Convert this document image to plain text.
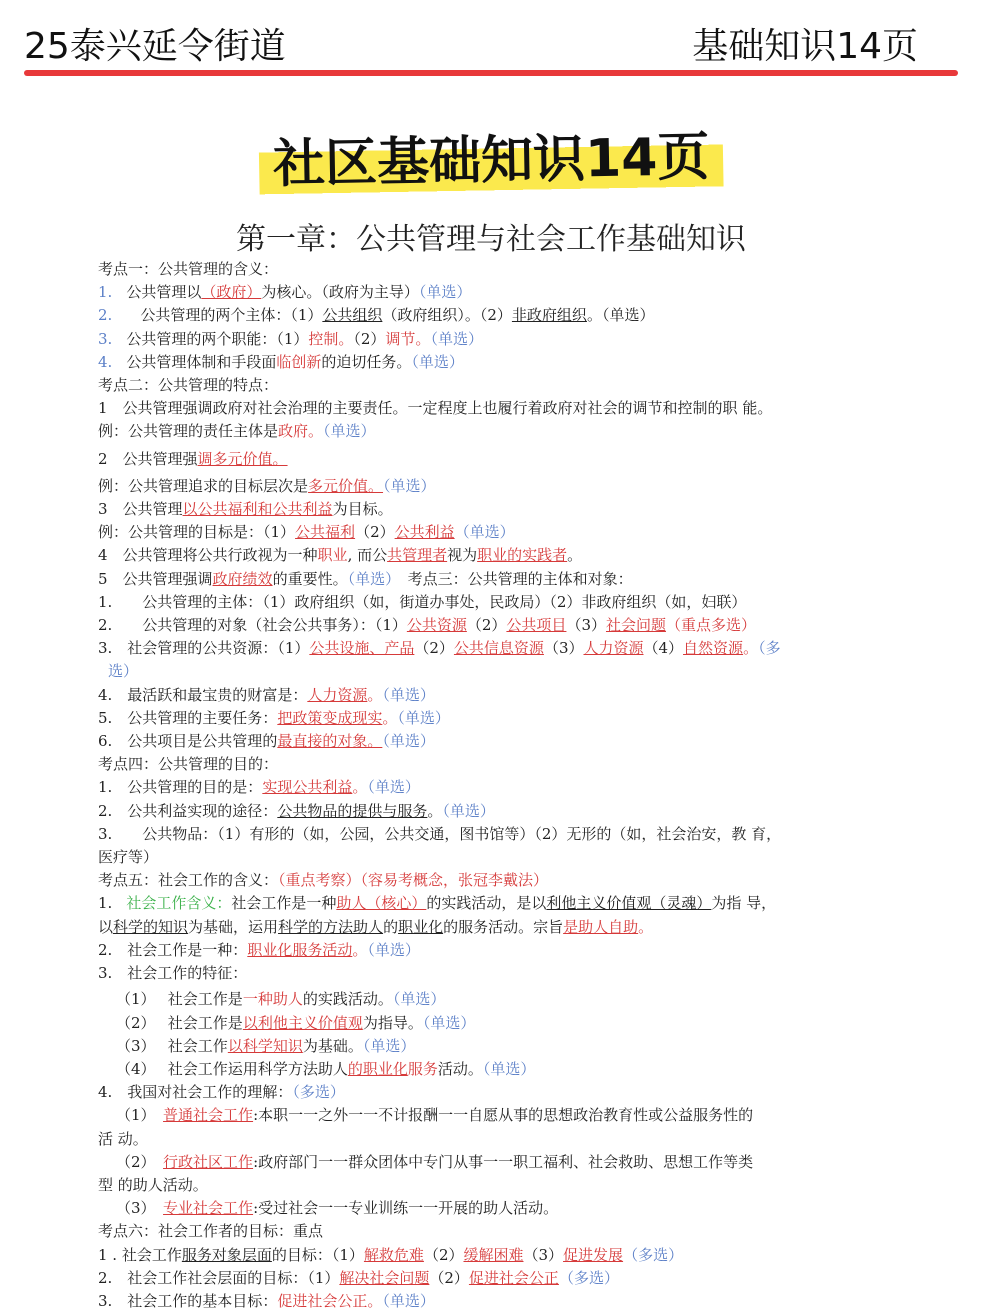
25泰兴延令街道	基础知识14页
社区基础知识14页
第一章：公共管理与社会工作基础知识
考点一：公共管理的含义：
1. 公共管理以（政府）为核心。（政府为主导）（单选）
2. 公共管理的两个主体：（1）公共组织（政府组织）。（2）非政府组织。（单选）
3. 公共管理的两个职能：（1）控制。（2）调节。（单选）
4. 公共管理体制和手段面临创新的迫切任务。（单选）
考点二：公共管理的特点：
1　公共管理强调政府对社会治理的主要责任。一定程度上也履行着政府对社会的调节和控制的职 能。
例：公共管理的责任主体是政府。（单选）
2　公共管理强调多元价值。
例：公共管理追求的目标层次是多元价值。（单选）
3　公共管理以公共福利和公共利益为目标。
例：公共管理的目标是：（1）公共福利（2）公共利益（单选）
4　公共管理将公共行政视为一种职业, 而公共管理者视为职业的实践者。
5　公共管理强调政府绩效的重要性。（单选）　考点三：公共管理的主体和对象：
1.　　公共管理的主体：（1）政府组织（如，街道办事处，民政局）（2）非政府组织（如，妇联）
2.　　公共管理的对象（社会公共事务）：（1）公共资源（2）公共项目（3）社会问题（重点多选）
3.　社会管理的公共资源：（1）公共设施、产品（2）公共信息资源（3）人力资源（4）自然资源。（多
选）
4.　最活跃和最宝贵的财富是：人力资源。（单选）
5.　公共管理的主要任务：把政策变成现实。（单选）
6.　公共项目是公共管理的最直接的对象。（单选）
考点四：公共管理的目的：
1.　公共管理的目的是：实现公共利益。（单选）
2.　公共利益实现的途径：公共物品的提供与服务。（单选）
3.　　公共物品：（1）有形的（如，公园，公共交通，图书馆等）（2）无形的（如，社会治安，教 育，
医疗等）
考点五：社会工作的含义：（重点考察）（容易考概念，张冠李戴法）
1. 社会工作含义：社会工作是一种助人（核心）的实践活动，是以利他主义价值观（灵魂）为指 导，
以科学的知识为基础，运用科学的方法助人的职业化的服务活动。宗旨是助人自助。
2.　社会工作是一种：职业化服务活动。（单选）
3.　社会工作的特征：
（1）　 社会工作是一种助人的实践活动。（单选）
（2）　 社会工作是以利他主义价值观为指导。（单选）
（3）　 社会工作以科学知识为基础。（单选）
（4）　 社会工作运用科学方法助人的职业化服务活动。（单选）
4.　我国对社会工作的理解：（多选）
（1）　普通社会工作:本职一一之外一一不计报酬一一自愿从事的思想政治教育性或公益服务性的
活 动。
（2）　行政社区工作:政府部门一一群众团体中专门从事一一职工福利、社会救助、思想工作等类
型 的助人活动。
（3）　专业社会工作:受过社会一一专业训练一一开展的助人活动。
考点六：社会工作者的目标：重点
1 . 社会工作服务对象层面的目标：（1）解救危难（2）缓解困难（3）促进发展（多选）
2.　社会工作社会层面的目标：（1）解决社会问题（2）促进社会公正（多选）
3.　社会工作的基本目标：促进社会公正。（单选）
